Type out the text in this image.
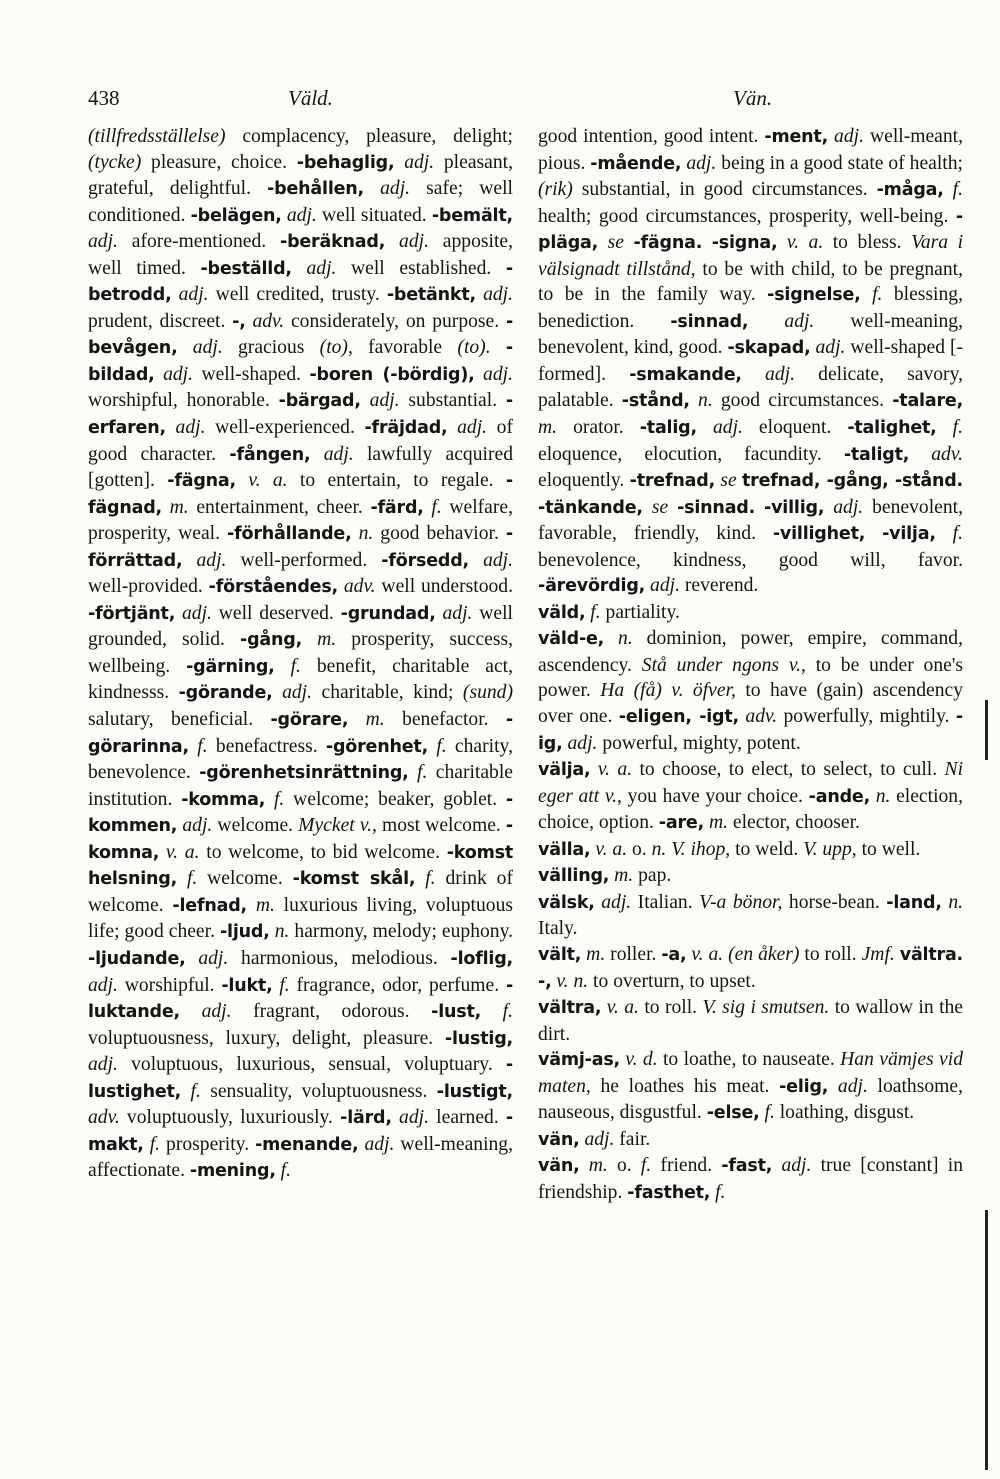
438	Väld.	Vän.

(tillfredsställelse) complacency, pleasure, delight; (tycke) pleasure, choice. -behaglig, adj. pleasant, grateful, delightful. -behållen, adj. safe; well conditioned. -belägen, adj. well situated. -bemält, adj. afore-mentioned. -beräknad, adj. apposite, well timed. -beställd, adj. well established. -betrodd, adj. well credited, trusty. -betänkt, adj. prudent, discreet. -, adv. considerately, on purpose. -bevågen, adj. gracious (to), favorable (to). -bildad, adj. well-shaped. -boren (-bördig), adj. worshipful, honorable. -bärgad, adj. substantial. -erfaren, adj. well-experienced. -fräjdad, adj. of good character. -fången, adj. lawfully acquired [gotten]. -fägna, v. a. to entertain, to regale. -fägnad, m. entertainment, cheer. -färd, f. welfare, prosperity, weal. -förhållande, n. good behavior. -förrättad, adj. well-performed. -försedd, adj. well-provided. -förståendes, adv. well understood. -förtjänt, adj. well deserved. -grundad, adj. well grounded, solid. -gång, m. prosperity, success, wellbeing. -gärning, f. benefit, charitable act, kindnesss. -görande, adj. charitable, kind; (sund) salutary, beneficial. -görare, m. benefactor. -görarinna, f. benefactress. -görenhet, f. charity, benevolence. -görenhetsinrättning, f. charitable institution. -komma, f. welcome; beaker, goblet. -kommen, adj. welcome. Mycket v., most welcome. -komna, v. a. to welcome, to bid welcome. -komst helsning, f. welcome. -komst skål, f. drink of welcome. -lefnad, m. luxurious living, voluptuous life; good cheer. -ljud, n. harmony, melody; euphony. -ljudande, adj. harmonious, melodious. -loflig, adj. worshipful. -lukt, f. fragrance, odor, perfume. -luktande, adj. fragrant, odorous. -lust, f. voluptuousness, luxury, delight, pleasure. -lustig, adj. voluptuous, luxurious, sensual, voluptuary. -lustighet, f. sensuality, voluptuousness. -lustigt, adv. voluptuously, luxuriously. -lärd, adj. learned. -makt, f. prosperity. -menande, adj. well-meaning, affectionate. -mening, f.

good intention, good intent. -ment, adj. well-meant, pious. -mående, adj. being in a good state of health; (rik) substantial, in good circumstances. -måga, f. health; good circumstances, prosperity, well-being. -pläga, se -fägna. -signa, v. a. to bless. Vara i välsignadt tillstånd, to be with child, to be pregnant, to be in the family way. -signelse, f. blessing, benediction. -sinnad, adj. well-meaning, benevolent, kind, good. -skapad, adj. well-shaped [-formed]. -smakande, adj. delicate, savory, palatable. -stånd, n. good circumstances. -talare, m. orator. -talig, adj. eloquent. -talighet, f. eloquence, elocution, facundity. -taligt, adv. eloquently. -trefnad, se trefnad, -gång, -stånd. -tänkande, se -sinnad. -villig, adj. benevolent, favorable, friendly, kind. -villighet, -vilja, f. benevolence, kindness, good will, favor. -ärevördig, adj. reverend.

väld, f. partiality.

väld-e, n. dominion, power, empire, command, ascendency. Stå under ngons v., to be under one's power. Ha (få) v. öfver, to have (gain) ascendency over one. -eligen, -igt, adv. powerfully, mightily. -ig, adj. powerful, mighty, potent.

välja, v. a. to choose, to elect, to select, to cull. Ni eger att v., you have your choice. -ande, n. election, choice, option. -are, m. elector, chooser.

välla, v. a. o. n. V. ihop, to weld. V. upp, to well.

välling, m. pap.

välsk, adj. Italian. V-a bönor, horse-bean. -land, n. Italy.

vält, m. roller. -a, v. a. (en åker) to roll. Jmf. vältra. -, v. n. to overturn, to upset.

vältra, v. a. to roll. V. sig i smutsen. to wallow in the dirt.

vämj-as, v. d. to loathe, to nauseate. Han vämjes vid maten, he loathes his meat. -elig, adj. loathsome, nauseous, disgustful. -else, f. loathing, disgust.

vän, adj. fair.

vän, m. o. f. friend. -fast, adj. true [constant] in friendship. -fasthet, f.
